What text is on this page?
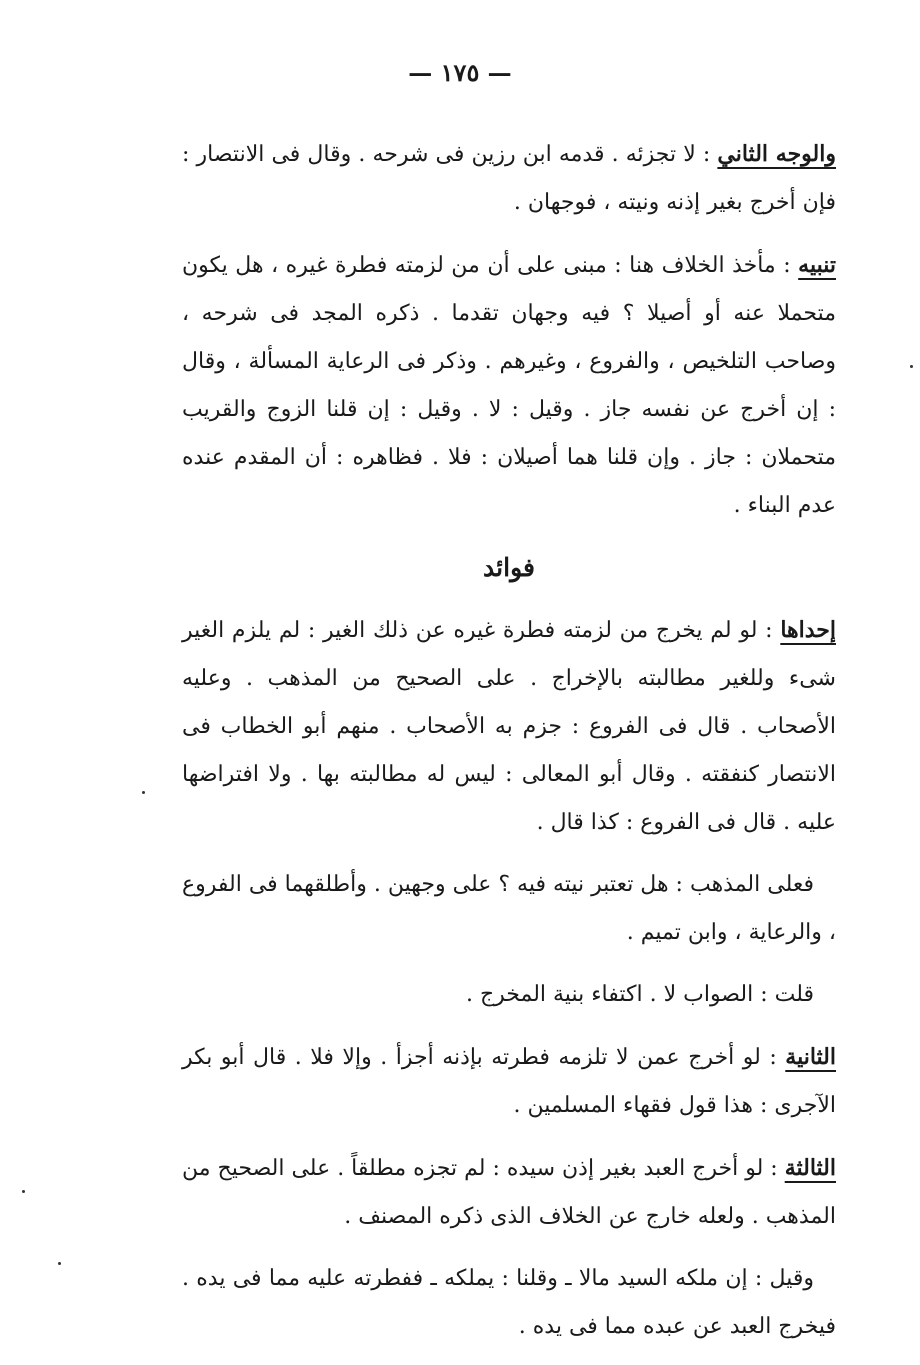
— ١٧٥ —

والوجه الثاني : لا تجزئه . قدمه ابن رزين فى شرحه . وقال فى الانتصار : فإن أخرج بغير إذنه ونيته ، فوجهان .

تنبيه : مأخذ الخلاف هنا : مبنى على أن من لزمته فطرة غيره ، هل يكون متحملا عنه أو أصيلا ؟ فيه وجهان تقدما . ذكره المجد فى شرحه ، وصاحب التلخيص ، والفروع ، وغيرهم . وذكر فى الرعاية المسألة ، وقال : إن أخرج عن نفسه جاز . وقيل : لا . وقيل : إن قلنا الزوج والقريب متحملان : جاز . وإن قلنا هما أصيلان : فلا . فظاهره : أن المقدم عنده عدم البناء .

فوائد

إحداها : لو لم يخرج من لزمته فطرة غيره عن ذلك الغير : لم يلزم الغير شىء وللغير مطالبته بالإخراج . على الصحيح من المذهب . وعليه الأصحاب . قال فى الفروع : جزم به الأصحاب . منهم أبو الخطاب فى الانتصار كنفقته . وقال أبو المعالى : ليس له مطالبته بها . ولا افتراضها عليه . قال فى الفروع : كذا قال .

فعلى المذهب : هل تعتبر نيته فيه ؟ على وجهين . وأطلقهما فى الفروع ، والرعاية ، وابن تميم .

قلت : الصواب لا . اكتفاء بنية المخرج .

الثانية : لو أخرج عمن لا تلزمه فطرته بإذنه أجزأ . وإلا فلا . قال أبو بكر الآجرى : هذا قول فقهاء المسلمين .

الثالثة : لو أخرج العبد بغير إذن سيده : لم تجزه مطلقاً . على الصحيح من المذهب . ولعله خارج عن الخلاف الذى ذكره المصنف .

وقيل : إن ملكه السيد مالا ـ وقلنا : يملكه ـ ففطرته عليه مما فى يده . فيخرج العبد عن عبده مما فى يده .
